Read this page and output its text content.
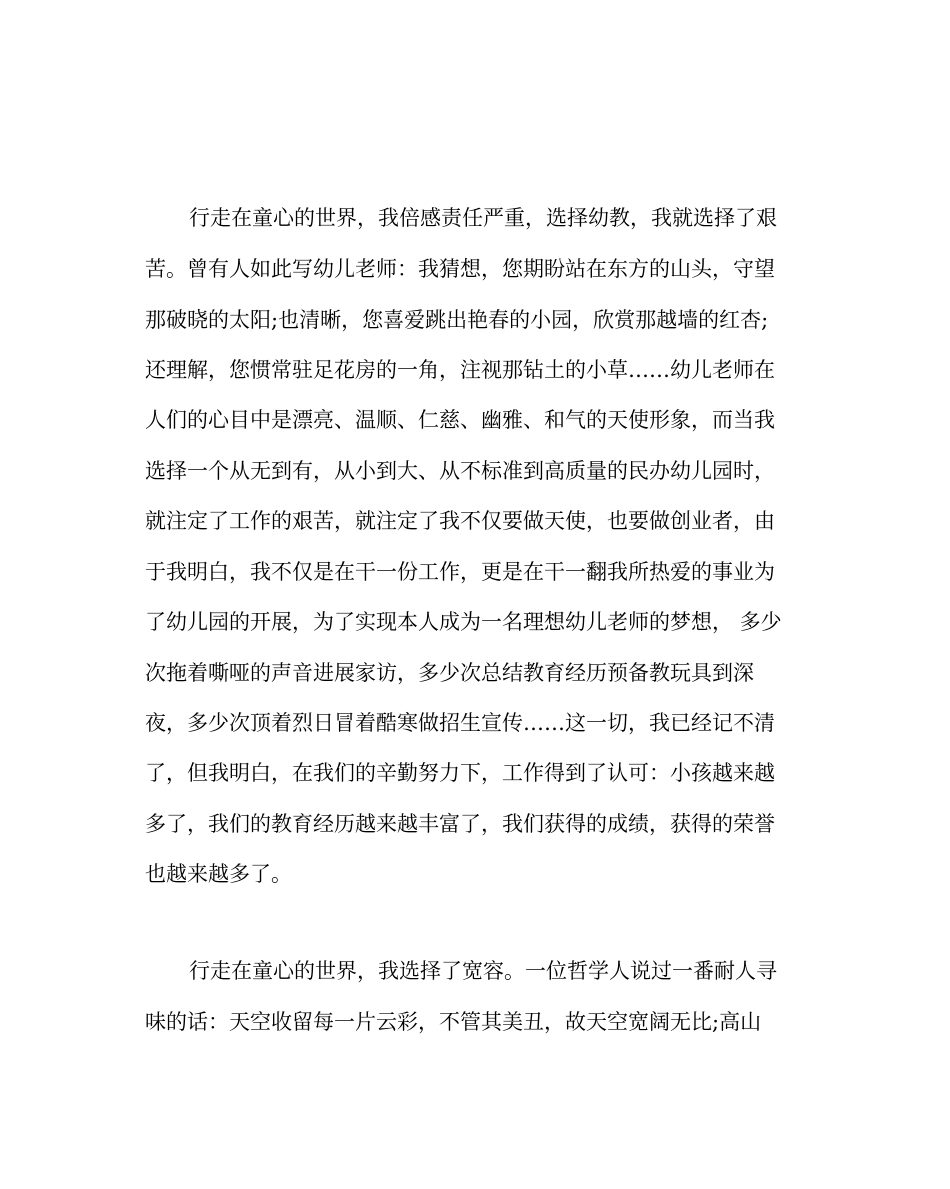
行走在童心的世界，我倍感责任严重，选择幼教，我就选择了艰
苦。曾有人如此写幼儿老师：我猜想，您期盼站在东方的山头，守望
那破晓的太阳;也清晰，您喜爱跳出艳春的小园，欣赏那越墙的红杏;
还理解，您惯常驻足花房的一角，注视那钻土的小草……幼儿老师在
人们的心目中是漂亮、温顺、仁慈、幽雅、和气的天使形象，而当我
选择一个从无到有，从小到大、从不标准到高质量的民办幼儿园时，
就注定了工作的艰苦，就注定了我不仅要做天使，也要做创业者，由
于我明白，我不仅是在干一份工作，更是在干一翻我所热爱的事业为
了幼儿园的开展，为了实现本人成为一名理想幼儿老师的梦想， 多少
次拖着嘶哑的声音进展家访，多少次总结教育经历预备教玩具到深
夜，多少次顶着烈日冒着酷寒做招生宣传……这一切，我已经记不清
了，但我明白，在我们的辛勤努力下，工作得到了认可：小孩越来越
多了，我们的教育经历越来越丰富了，我们获得的成绩，获得的荣誉
也越来越多了。
行走在童心的世界，我选择了宽容。一位哲学人说过一番耐人寻
味的话：天空收留每一片云彩，不管其美丑，故天空宽阔无比;高山
